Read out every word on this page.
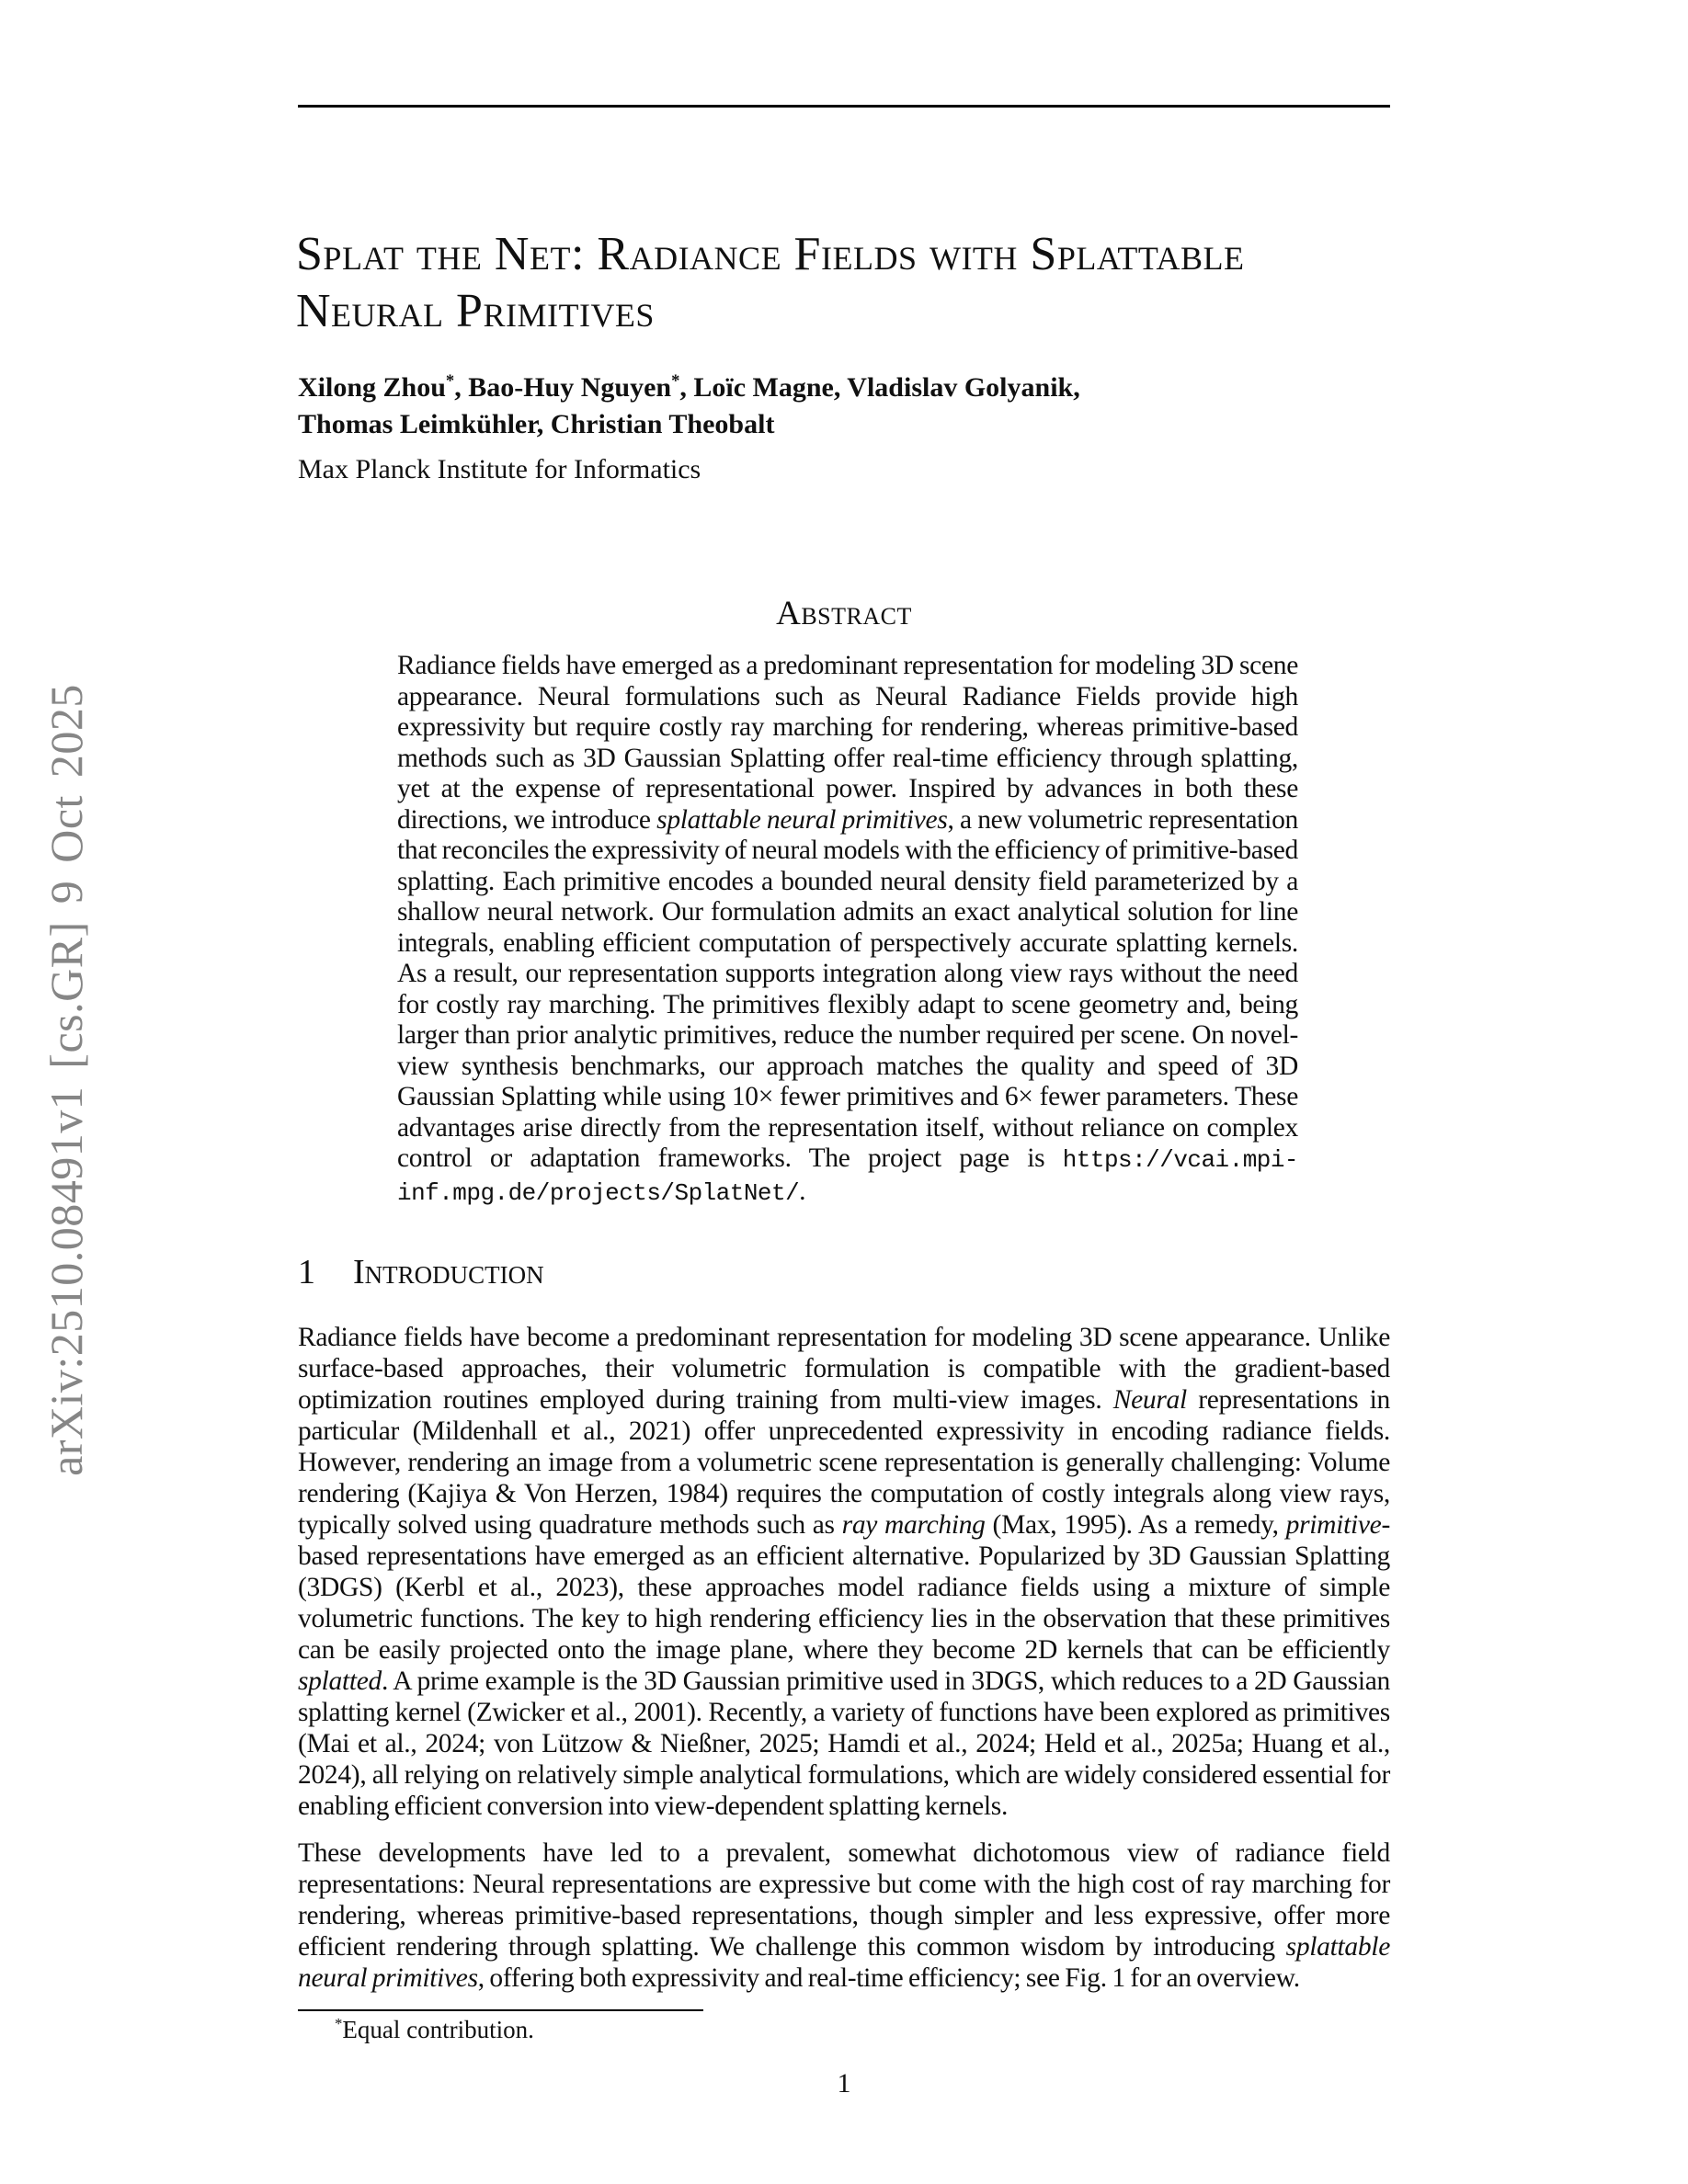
arXiv:2510.08491v1 [cs.GR] 9 Oct 2025
Splat the Net: Radiance Fields with Splattable
Neural Primitives
Xilong Zhou*, Bao-Huy Nguyen*, Loïc Magne, Vladislav Golyanik,
Thomas Leimkühler, Christian Theobalt
Max Planck Institute for Informatics
Abstract
Radiance fields have emerged as a predominant representation for modeling 3D scene appearance. Neural formulations such as Neural Radiance Fields provide high expressivity but require costly ray marching for rendering, whereas primitive-based methods such as 3D Gaussian Splatting offer real-time efficiency through splatting, yet at the expense of representational power. Inspired by advances in both these directions, we introduce splattable neural primitives, a new volumetric representation that reconciles the expressivity of neural models with the efficiency of primitive-based splatting. Each primitive encodes a bounded neural density field parameterized by a shallow neural network. Our formulation admits an exact analytical solution for line integrals, enabling efficient computation of perspectively accurate splatting kernels. As a result, our representation supports integration along view rays without the need for costly ray marching. The primitives flexibly adapt to scene geometry and, being larger than prior analytic primitives, reduce the number required per scene. On novel-view synthesis benchmarks, our approach matches the quality and speed of 3D Gaussian Splatting while using 10× fewer primitives and 6× fewer parameters. These advantages arise directly from the representation itself, without reliance on complex control or adaptation frameworks. The project page is https://vcai.mpi-inf.mpg.de/projects/SplatNet/.
1 Introduction
Radiance fields have become a predominant representation for modeling 3D scene appearance. Unlike surface-based approaches, their volumetric formulation is compatible with the gradient-based optimization routines employed during training from multi-view images. Neural representations in particular (Mildenhall et al., 2021) offer unprecedented expressivity in encoding radiance fields. However, rendering an image from a volumetric scene representation is generally challenging: Volume rendering (Kajiya & Von Herzen, 1984) requires the computation of costly integrals along view rays, typically solved using quadrature methods such as ray marching (Max, 1995). As a remedy, primitive-based representations have emerged as an efficient alternative. Popularized by 3D Gaussian Splatting (3DGS) (Kerbl et al., 2023), these approaches model radiance fields using a mixture of simple volumetric functions. The key to high rendering efficiency lies in the observation that these primitives can be easily projected onto the image plane, where they become 2D kernels that can be efficiently splatted. A prime example is the 3D Gaussian primitive used in 3DGS, which reduces to a 2D Gaussian splatting kernel (Zwicker et al., 2001). Recently, a variety of functions have been explored as primitives (Mai et al., 2024; von Lützow & Nießner, 2025; Hamdi et al., 2024; Held et al., 2025a; Huang et al., 2024), all relying on relatively simple analytical formulations, which are widely considered essential for enabling efficient conversion into view-dependent splatting kernels.
These developments have led to a prevalent, somewhat dichotomous view of radiance field representations: Neural representations are expressive but come with the high cost of ray marching for rendering, whereas primitive-based representations, though simpler and less expressive, offer more efficient rendering through splatting. We challenge this common wisdom by introducing splattable neural primitives, offering both expressivity and real-time efficiency; see Fig. 1 for an overview.
*Equal contribution.
1
